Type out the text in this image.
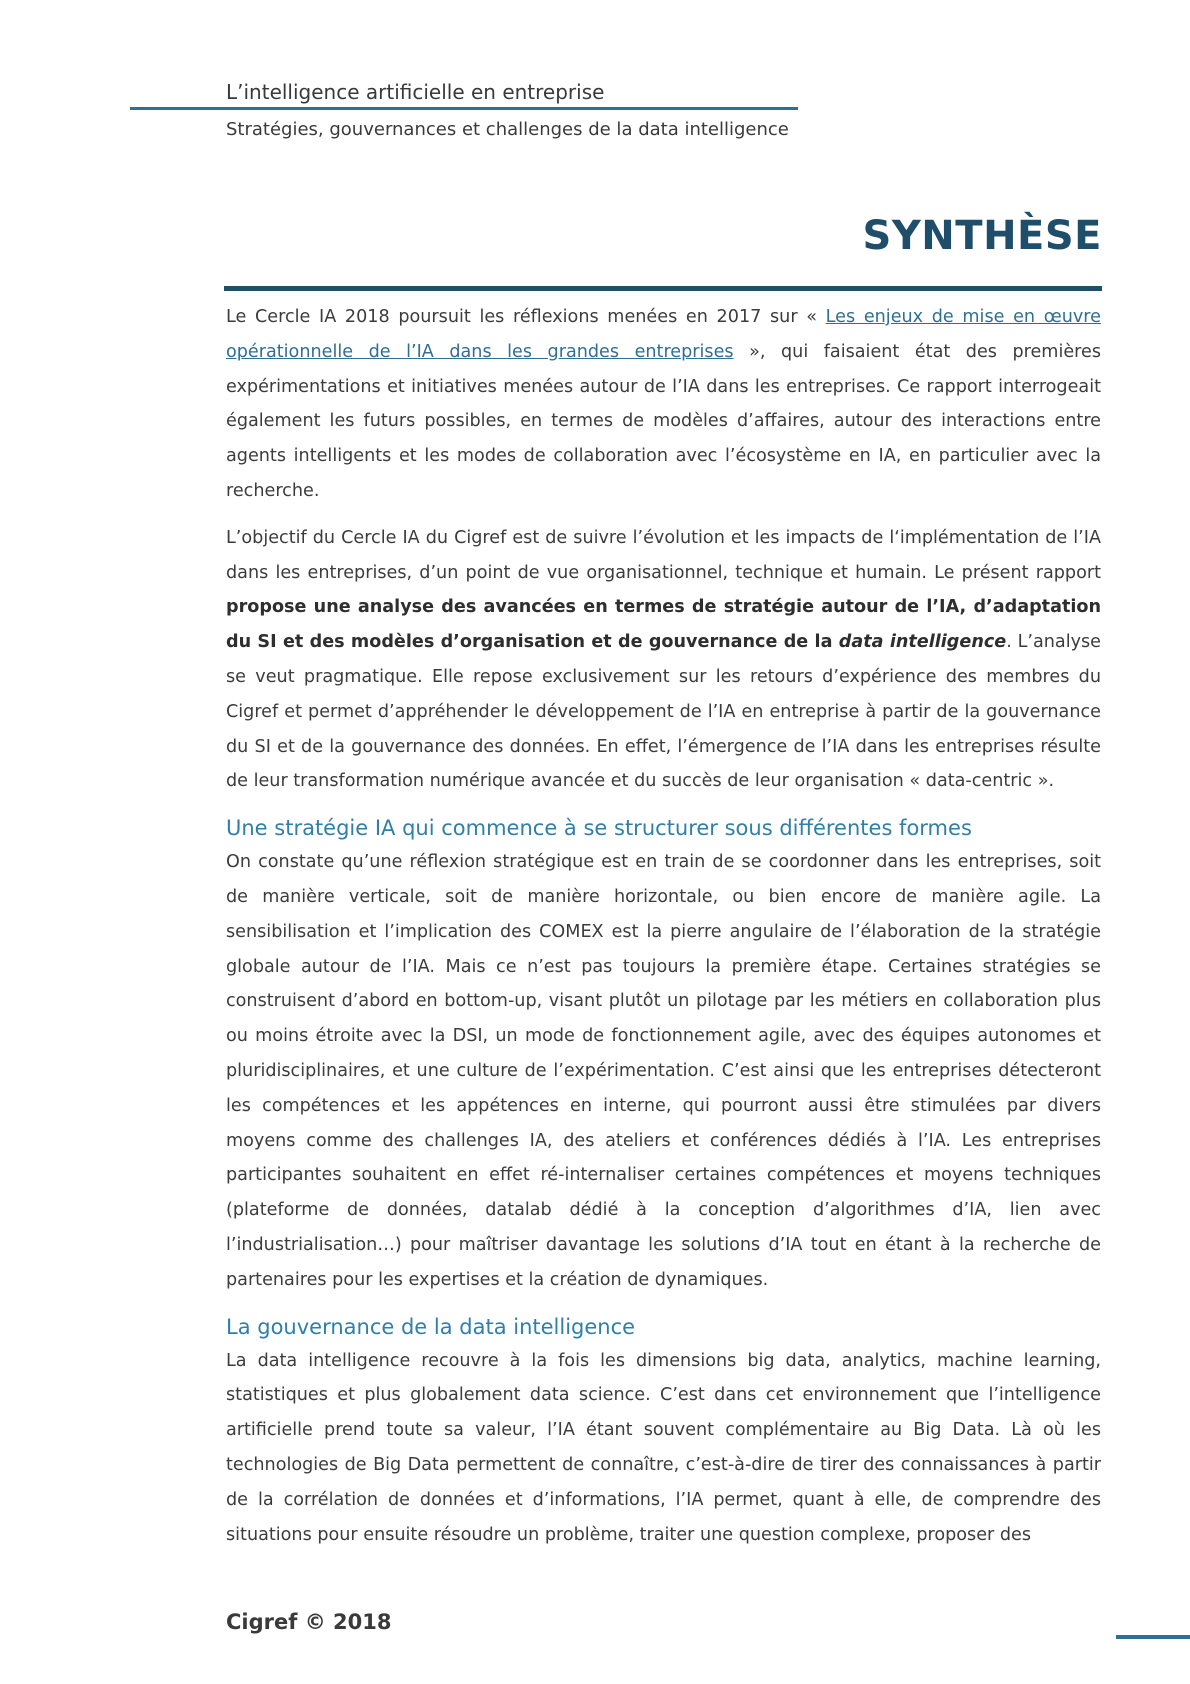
L’intelligence artificielle en entreprise
Stratégies, gouvernances et challenges de la data intelligence
SYNTHÈSE

Le Cercle IA 2018 poursuit les réflexions menées en 2017 sur « Les enjeux de mise en œuvre opérationnelle de l’IA dans les grandes entreprises », qui faisaient état des premières expérimentations et initiatives menées autour de l’IA dans les entreprises. Ce rapport interrogeait également les futurs possibles, en termes de modèles d’affaires, autour des interactions entre agents intelligents et les modes de collaboration avec l’écosystème en IA, en particulier avec la recherche.

L’objectif du Cercle IA du Cigref est de suivre l’évolution et les impacts de l‘implémentation de l’IA dans les entreprises, d’un point de vue organisationnel, technique et humain. Le présent rapport propose une analyse des avancées en termes de stratégie autour de l’IA, d’adaptation du SI et des modèles d’organisation et de gouvernance de la data intelligence. L’analyse se veut pragmatique. Elle repose exclusivement sur les retours d’expérience des membres du Cigref et permet d’appréhender le développement de l’IA en entreprise à partir de la gouvernance du SI et de la gouvernance des données. En effet, l’émergence de l’IA dans les entreprises résulte de leur transformation numérique avancée et du succès de leur organisation « data-centric ».

Une stratégie IA qui commence à se structurer sous différentes formes

On constate qu’une réflexion stratégique est en train de se coordonner dans les entreprises, soit de manière verticale, soit de manière horizontale, ou bien encore de manière agile. La sensibilisation et l’implication des COMEX est la pierre angulaire de l’élaboration de la stratégie globale autour de l’IA. Mais ce n’est pas toujours la première étape. Certaines stratégies se construisent d’abord en bottom-up, visant plutôt un pilotage par les métiers en collaboration plus ou moins étroite avec la DSI, un mode de fonctionnement agile, avec des équipes autonomes et pluridisciplinaires, et une culture de l’expérimentation. C’est ainsi que les entreprises détecteront les compétences et les appétences en interne, qui pourront aussi être stimulées par divers moyens comme des challenges IA, des ateliers et conférences dédiés à l’IA. Les entreprises participantes souhaitent en effet ré-internaliser certaines compétences et moyens techniques (plateforme de données, datalab dédié à la conception d’algorithmes d’IA, lien avec l’industrialisation…) pour maîtriser davantage les solutions d’IA tout en étant à la recherche de partenaires pour les expertises et la création de dynamiques.

La gouvernance de la data intelligence

La data intelligence recouvre à la fois les dimensions big data, analytics, machine learning, statistiques et plus globalement data science. C’est dans cet environnement que l’intelligence artificielle prend toute sa valeur, l’IA étant souvent complémentaire au Big Data. Là où les technologies de Big Data permettent de connaître, c’est-à-dire de tirer des connaissances à partir de la corrélation de données et d’informations, l’IA permet, quant à elle, de comprendre des situations pour ensuite résoudre un problème, traiter une question complexe, proposer des

Cigref © 2018
